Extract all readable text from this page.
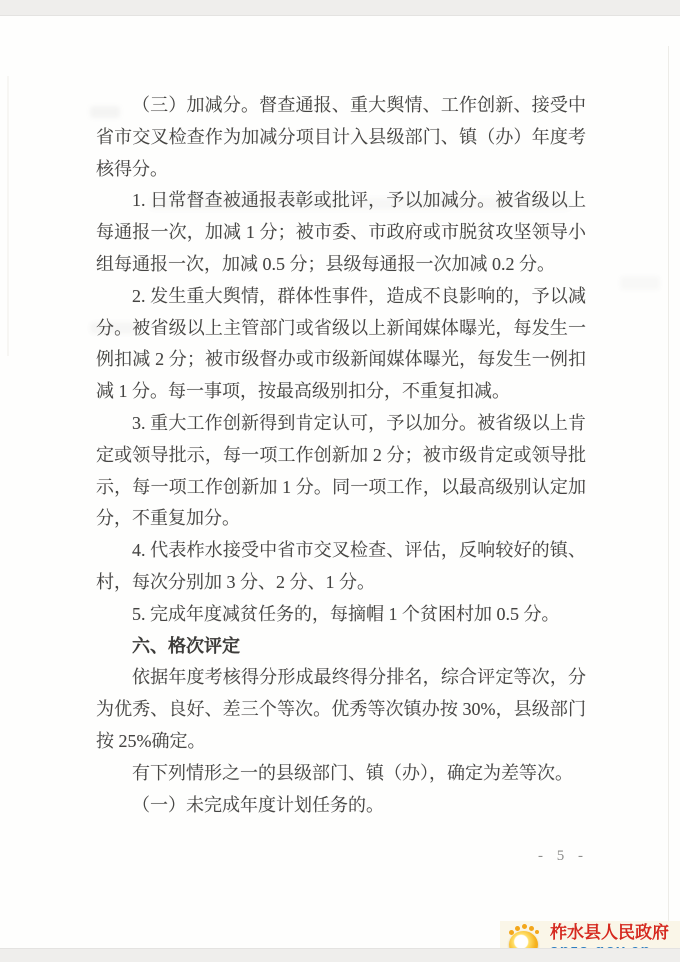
（三）加减分。督查通报、重大舆情、工作创新、接受中省市交叉检查作为加减分项目计入县级部门、镇（办）年度考核得分。

1. 日常督查被通报表彰或批评，予以加减分。被省级以上每通报一次，加减 1 分；被市委、市政府或市脱贫攻坚领导小组每通报一次，加减 0.5 分；县级每通报一次加减 0.2 分。

2. 发生重大舆情，群体性事件，造成不良影响的，予以减分。被省级以上主管部门或省级以上新闻媒体曝光，每发生一例扣减 2 分；被市级督办或市级新闻媒体曝光，每发生一例扣减 1 分。每一事项，按最高级别扣分，不重复扣减。

3. 重大工作创新得到肯定认可，予以加分。被省级以上肯定或领导批示，每一项工作创新加 2 分；被市级肯定或领导批示，每一项工作创新加 1 分。同一项工作，以最高级别认定加分，不重复加分。

4. 代表柞水接受中省市交叉检查、评估，反响较好的镇、村，每次分别加 3 分、2 分、1 分。

5. 完成年度减贫任务的，每摘帽 1 个贫困村加 0.5 分。

六、格次评定

依据年度考核得分形成最终得分排名，综合评定等次，分为优秀、良好、差三个等次。优秀等次镇办按 30%，县级部门按 25%确定。

有下列情形之一的县级部门、镇（办），确定为差等次。

（一）未完成年度计划任务的。

- 5 -
柞水县人民政府
